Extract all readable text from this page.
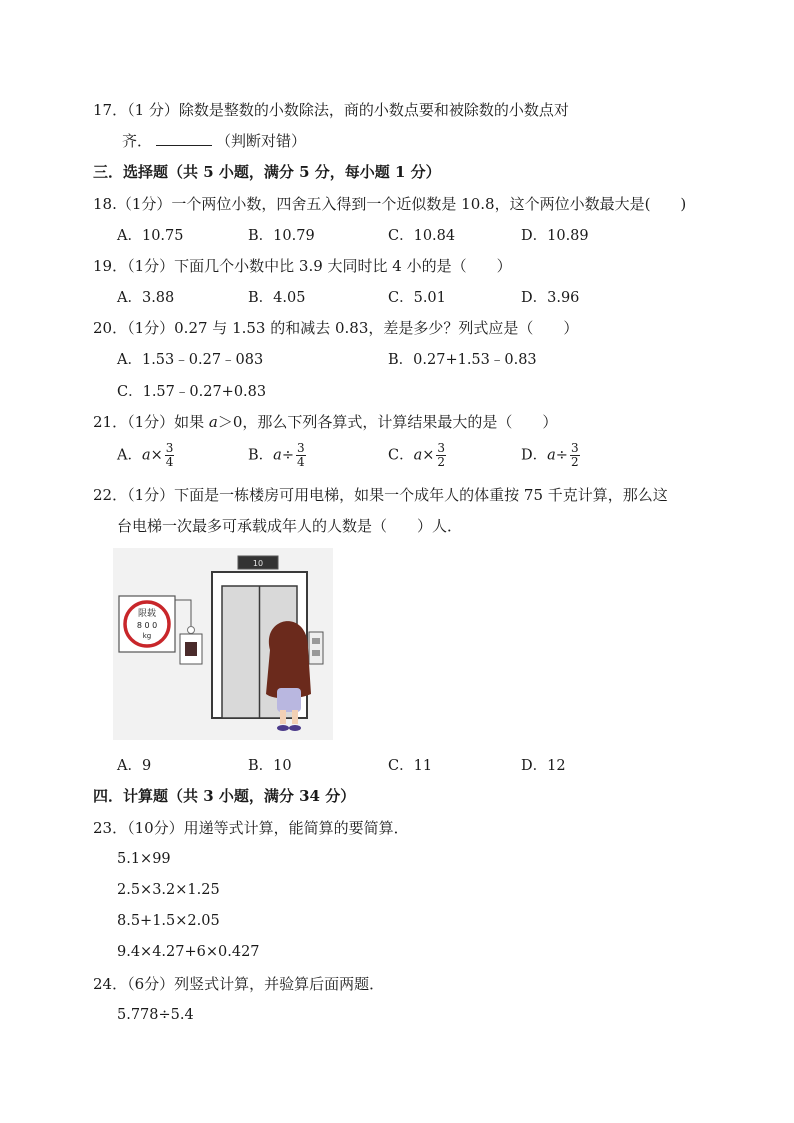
17．（1 分）除数是整数的小数除法，商的小数点要和被除数的小数点对
齐．	（判断对错）
三．选择题（共 5 小题，满分 5 分，每小题 1 分）
18.（1分）一个两位小数，四舍五入得到一个近似数是 10.8，这个两位小数最大是(　　)
A．10.75	B．10.79	C．10.84	D．10.89
19．（1分）下面几个小数中比 3.9 大同时比 4 小的是（　　）
A．3.88	B．4.05	C．5.01	D．3.96
20．（1分）0.27 与 1.53 的和减去 0.83，差是多少？列式应是（　　）
A．1.53﹣0.27﹣083	B．0.27+1.53﹣0.83
C．1.57﹣0.27+0.83
21．（1分）如果 a＞0，那么下列各算式，计算结果最大的是（　　）
A．$a\times \frac{3}{4}$	B．$a\div \frac{3}{4}$	C．$a\times \frac{3}{2}$	D．$a\div \frac{3}{2}$
22．（1分）下面是一栋楼房可用电梯，如果一个成年人的体重按 75 千克计算，那么这
台电梯一次最多可承载成年人的人数是（　　）人．
限载
8 0 0
kg
10
A．9	B．10	C．11	D．12
四．计算题（共 3 小题，满分 34 分）
23．（10分）用递等式计算，能简算的要简算．
5.1×99
2.5×3.2×1.25
8.5+1.5×2.05
9.4×4.27+6×0.427
24．（6分）列竖式计算，并验算后面两题．
5.778÷5.4
